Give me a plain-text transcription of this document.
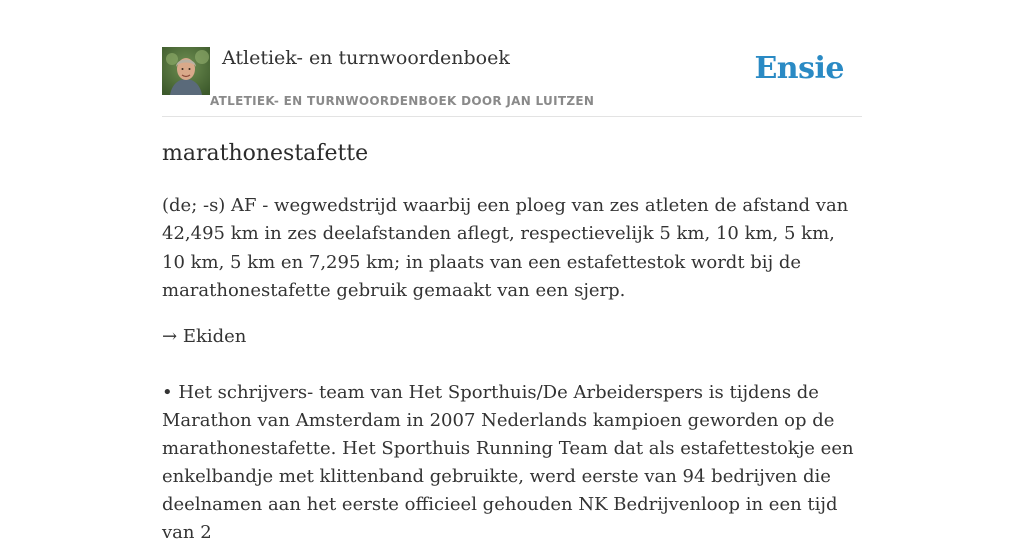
Atletiek- en turnwoordenboek
ATLETIEK- EN TURNWOORDENBOEK DOOR JAN LUITZEN
Ensie
marathonestafette

(de; -s) AF - wegwedstrijd waarbij een ploeg van zes atleten de afstand van 42,495 km in zes deelafstanden aflegt, respectievelijk 5 km, 10 km, 5 km, 10 km, 5 km en 7,295 km; in plaats van een estafettestok wordt bij de marathonestafette gebruik gemaakt van een sjerp.

→ Ekiden

• Het schrijvers- team van Het Sporthuis/De Arbeiderspers is tijdens de Marathon van Amsterdam in 2007 Nederlands kampioen geworden op de marathonestafette. Het Sporthuis Running Team dat als estafettestokje een enkelbandje met klittenband gebruikte, werd eerste van 94 bedrijven die deelnamen aan het eerste officieel gehouden NK Bedrijvenloop in een tijd van 2
